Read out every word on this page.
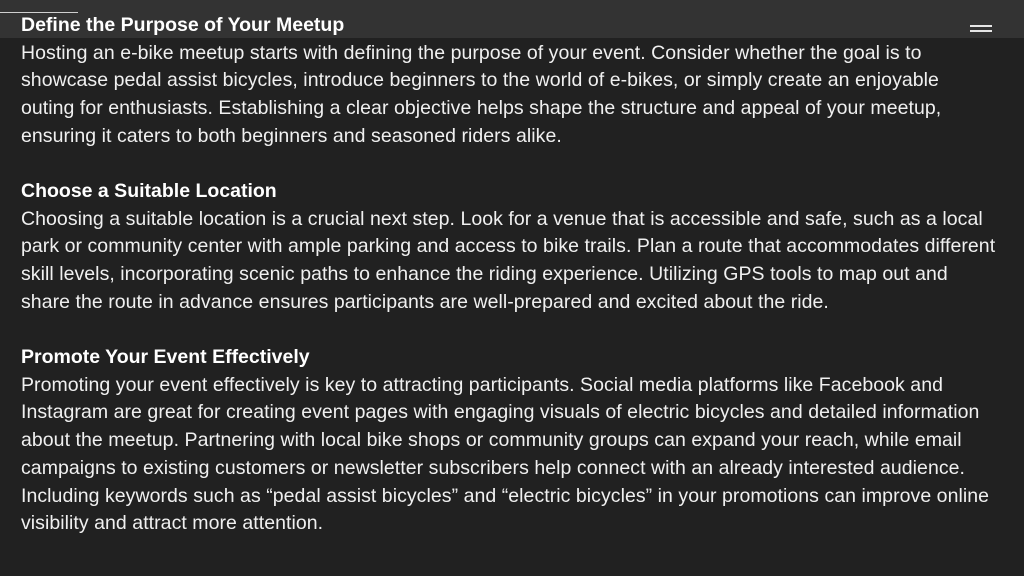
Define the Purpose of Your Meetup

Hosting an e-bike meetup starts with defining the purpose of your event. Consider whether the goal is to showcase pedal assist bicycles, introduce beginners to the world of e-bikes, or simply create an enjoyable outing for enthusiasts. Establishing a clear objective helps shape the structure and appeal of your meetup, ensuring it caters to both beginners and seasoned riders alike.

Choose a Suitable Location

Choosing a suitable location is a crucial next step. Look for a venue that is accessible and safe, such as a local park or community center with ample parking and access to bike trails. Plan a route that accommodates different skill levels, incorporating scenic paths to enhance the riding experience. Utilizing GPS tools to map out and share the route in advance ensures participants are well-prepared and excited about the ride.

Promote Your Event Effectively

Promoting your event effectively is key to attracting participants. Social media platforms like Facebook and Instagram are great for creating event pages with engaging visuals of electric bicycles and detailed information about the meetup. Partnering with local bike shops or community groups can expand your reach, while email campaigns to existing customers or newsletter subscribers help connect with an already interested audience. Including keywords such as “pedal assist bicycles” and “electric bicycles” in your promotions can improve online visibility and attract more attention.
